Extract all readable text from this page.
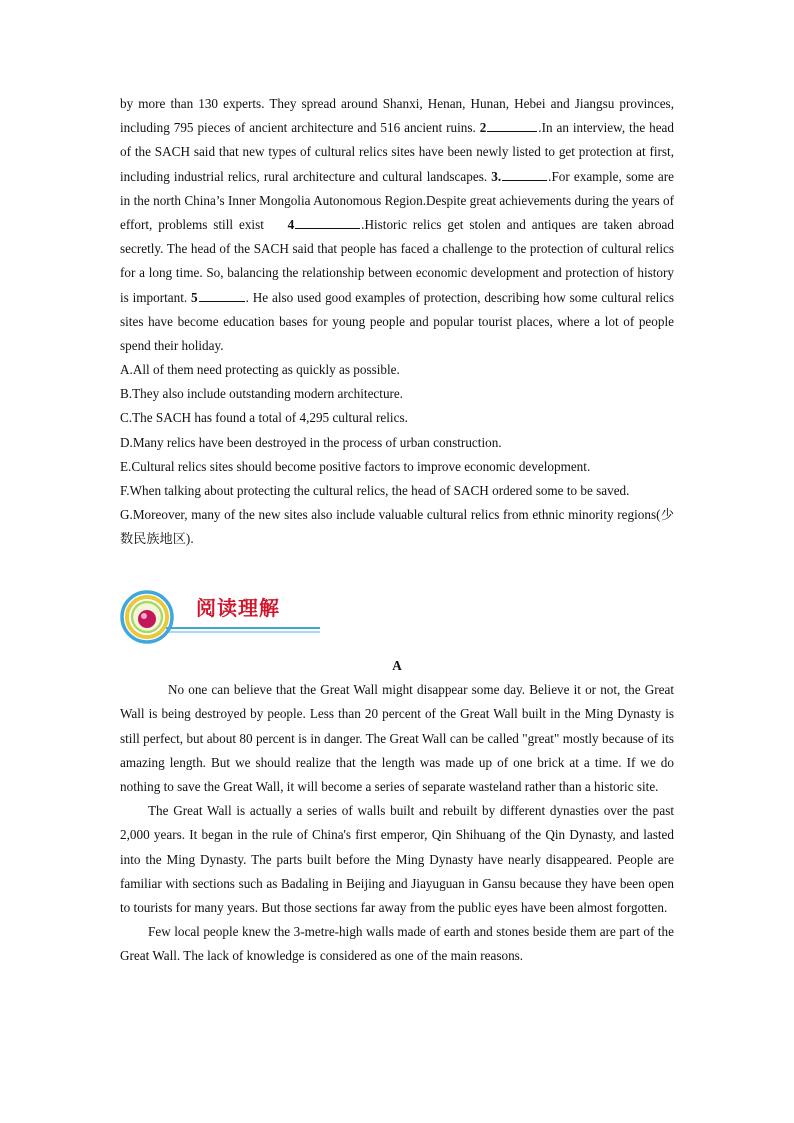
by more than 130 experts. They spread around Shanxi, Henan, Hunan, Hebei and Jiangsu provinces, including 795 pieces of ancient architecture and 516 ancient ruins. 2	.In an interview, the head of the SACH said that new types of cultural relics sites have been newly listed to get protection at first, including industrial relics, rural architecture and cultural landscapes. 3.	.For example, some are in the north China’s Inner Mongolia Autonomous Region.Despite great achievements during the years of effort, problems still exist    4	.Historic relics get stolen and antiques are taken abroad secretly. The head of the SACH said that people has faced a challenge to the protection of cultural relics for a long time. So, balancing the relationship between economic development and protection of history is important. 5	. He also used good examples of protection, describing how some cultural relics sites have become education bases for young people and popular tourist places, where a lot of people spend their holiday.
A.All of them need protecting as quickly as possible.
B.They also include outstanding modern architecture.
C.The SACH has found a total of 4,295 cultural relics.
D.Many relics have been destroyed in the process of urban construction.
E.Cultural relics sites should become positive factors to improve economic development.
F.When talking about protecting the cultural relics, the head of SACH ordered some to be saved.
G.Moreover, many of the new sites also include valuable cultural relics from ethnic minority regions(少数民族地区).
阅读理解
A
No one can believe that the Great Wall might disappear some day. Believe it or not, the Great Wall is being destroyed by people. Less than 20 percent of the Great Wall built in the Ming Dynasty is still perfect, but about 80 percent is in danger. The Great Wall can be called "great" mostly because of its amazing length. But we should realize that the length was made up of one brick at a time. If we do nothing to save the Great Wall, it will become a series of separate wasteland rather than a historic site.
The Great Wall is actually a series of walls built and rebuilt by different dynasties over the past 2,000 years. It began in the rule of China's first emperor, Qin Shihuang of the Qin Dynasty, and lasted into the Ming Dynasty. The parts built before the Ming Dynasty have nearly disappeared. People are familiar with sections such as Badaling in Beijing and Jiayuguan in Gansu because they have been open to tourists for many years. But those sections far away from the public eyes have been almost forgotten.
Few local people knew the 3-metre-high walls made of earth and stones beside them are part of the Great Wall. The lack of knowledge is considered as one of the main reasons.
